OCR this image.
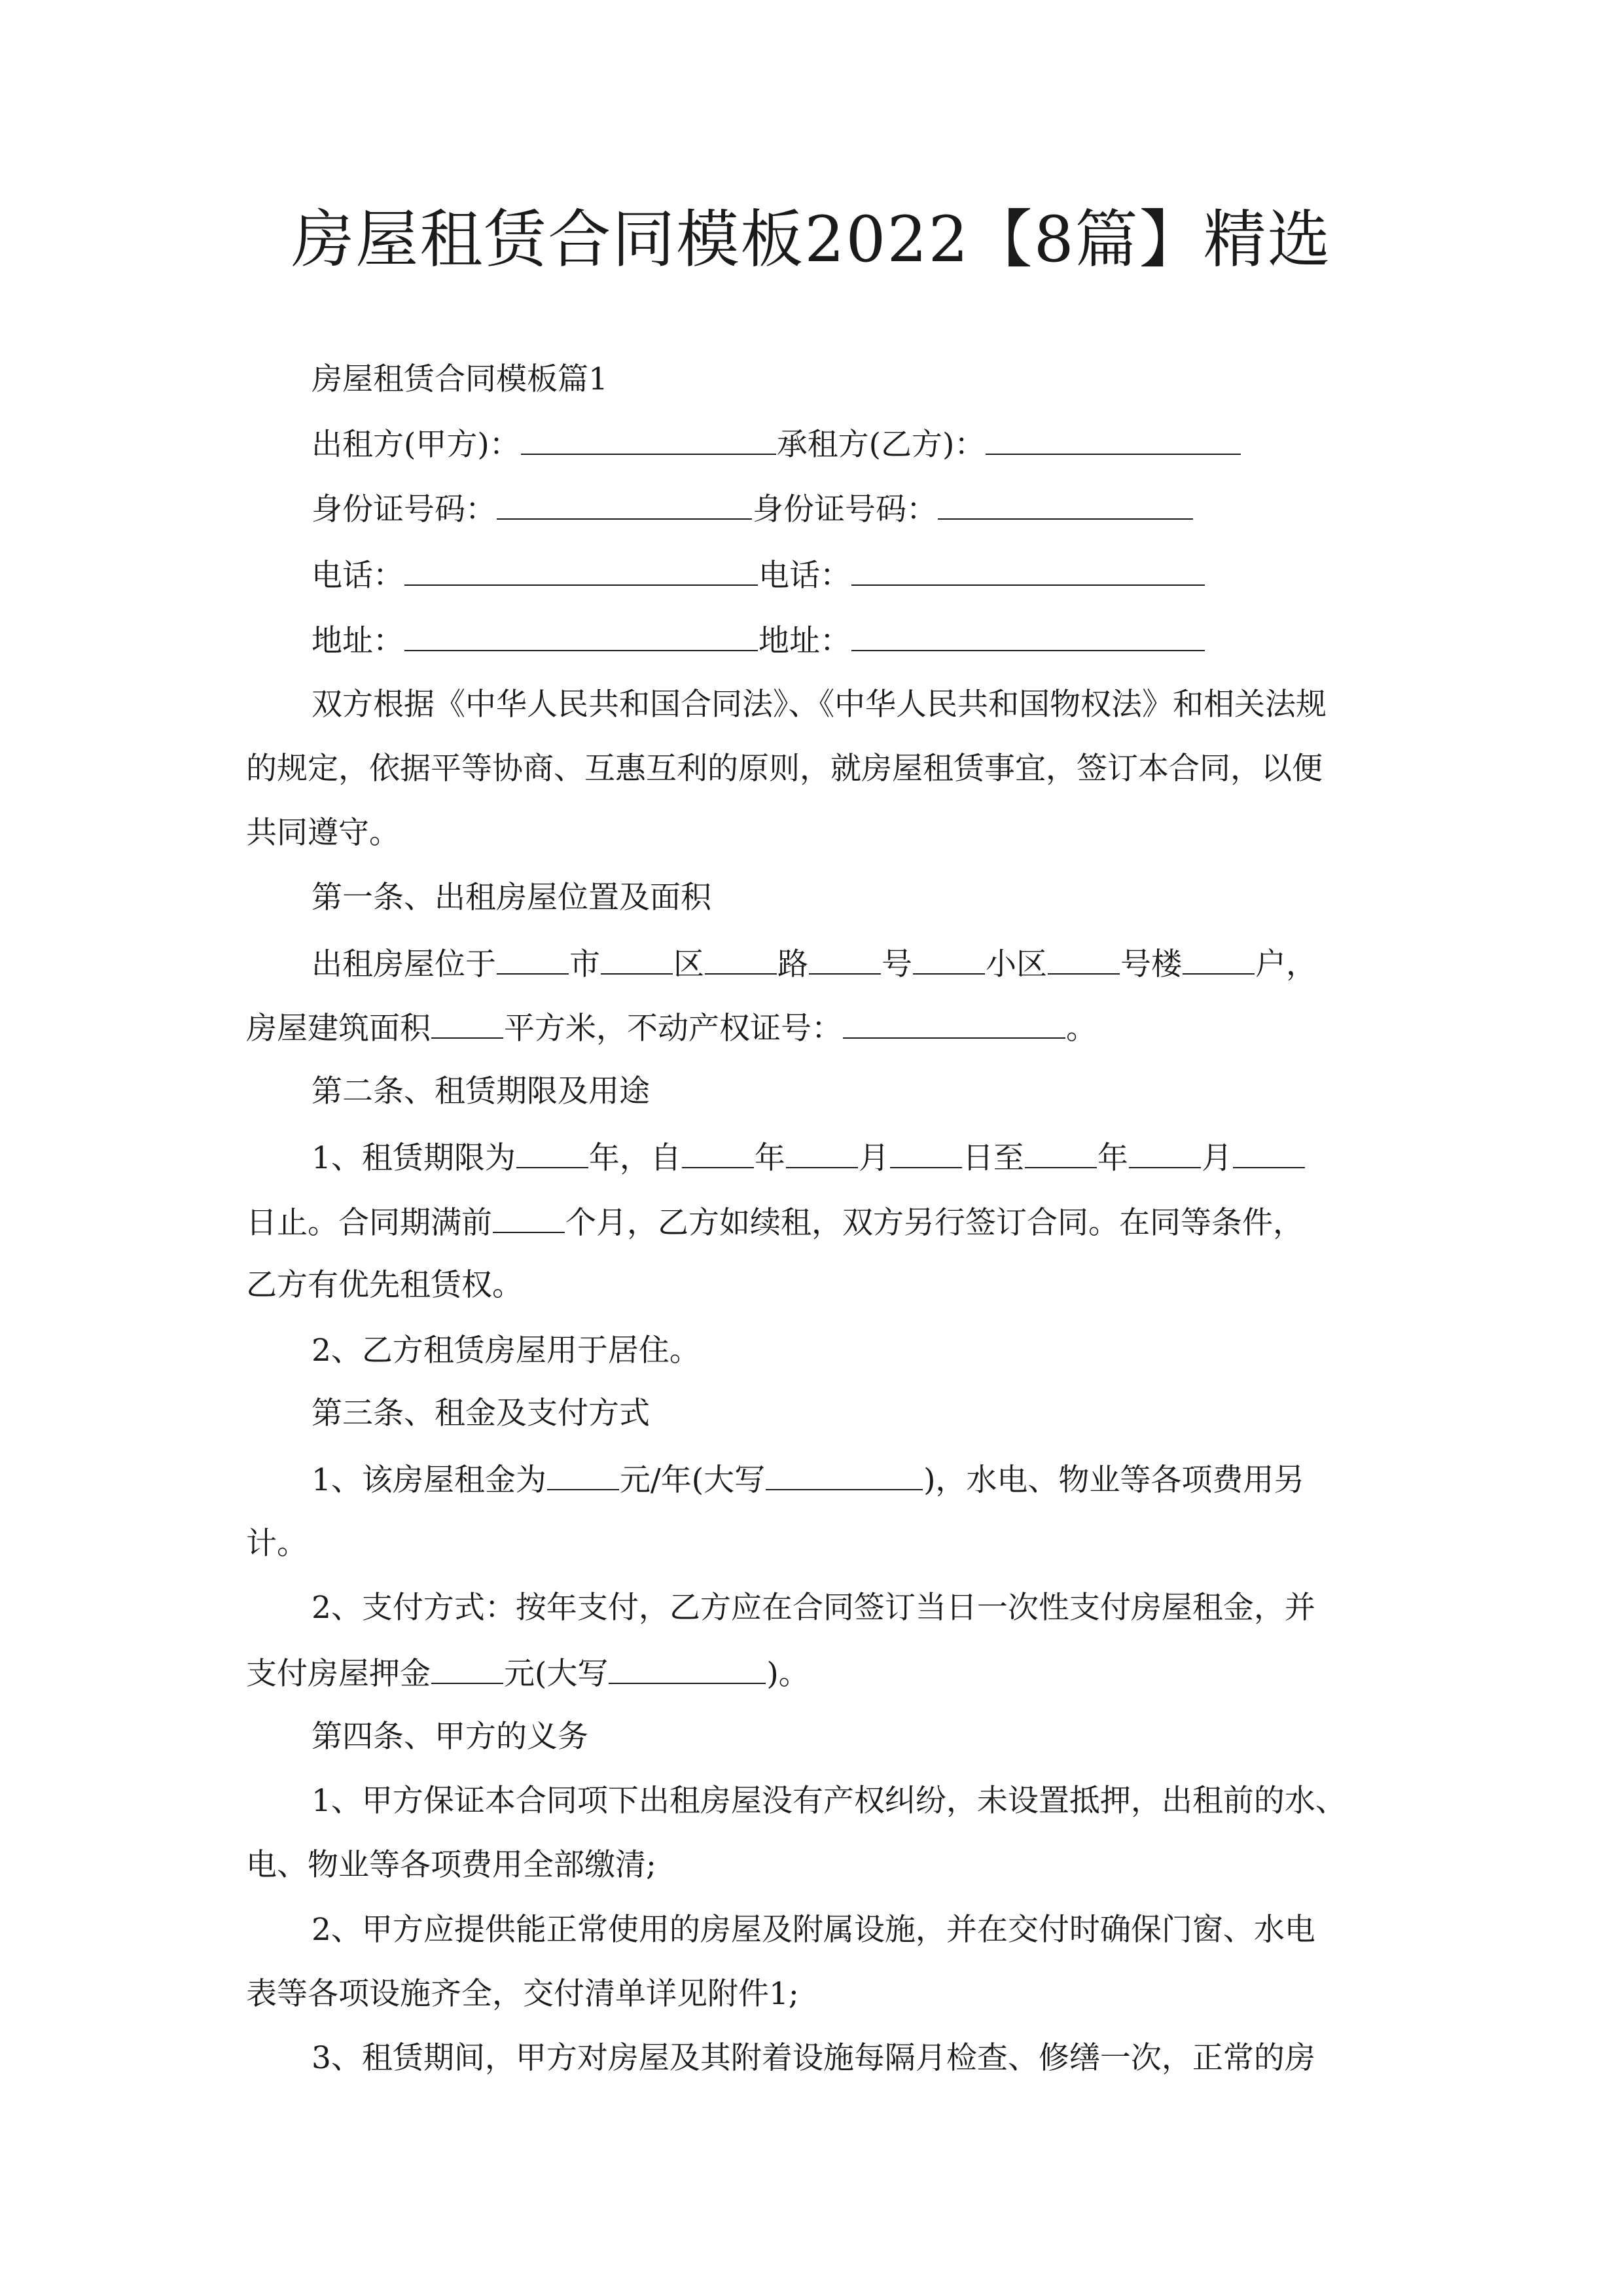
房屋租赁合同模板2022【8篇】精选
房屋租赁合同模板篇1
出租方(甲方)：	承租方(乙方)：
身份证号码：	身份证号码：
电话：	电话：
地址：	地址：
双方根据《中华人民共和国合同法》、《中华人民共和国物权法》和相关法规
的规定，依据平等协商、互惠互利的原则，就房屋租赁事宜，签订本合同，以便
共同遵守。
第一条、出租房屋位置及面积
出租房屋位于 市 区 路 号 小区 号楼 户，
房屋建筑面积 平方米，不动产权证号：	。
第二条、租赁期限及用途
1、租赁期限为 年，自 年 月 日至 年 月
日止。合同期满前 个月，乙方如续租，双方另行签订合同。在同等条件，
乙方有优先租赁权。
2、乙方租赁房屋用于居住。
第三条、租金及支付方式
1、该房屋租金为 元/年(大写	)，水电、物业等各项费用另
计。
2、支付方式：按年支付，乙方应在合同签订当日一次性支付房屋租金，并
支付房屋押金 元(大写	)。
第四条、甲方的义务
1、甲方保证本合同项下出租房屋没有产权纠纷，未设置抵押，出租前的水、
电、物业等各项费用全部缴清;
2、甲方应提供能正常使用的房屋及附属设施，并在交付时确保门窗、水电
表等各项设施齐全，交付清单详见附件1;
3、租赁期间，甲方对房屋及其附着设施每隔月检查、修缮一次，正常的房
